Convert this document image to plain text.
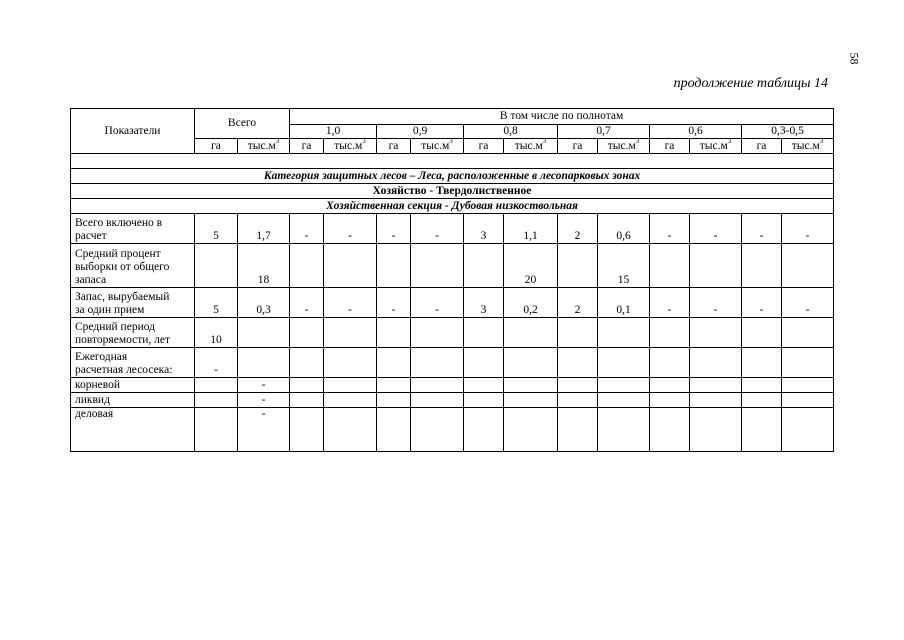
58
продолжение таблицы 14
Показатели	Всего		В том числе по полнотам											
			1,0		0,9		0,8		0,7		0,6		0,3-0,5	
	га	$тыс.м^3$	га	$тыс.м^3$	га	$тыс.м^3$	га	$тыс.м^3$	га	$тыс.м^3$	га	$тыс.м^3$	га	$тыс.м^3$

Категория защитных лесов – Леса, расположенные в лесопарковых зонах														
Хозяйство - Твердолиственное														
Хозяйственная секция - Дубовая низкоствольная														

Всего включено в
расчет	5	1,7	-	-	-	-	3	1,1	2	0,6	-	-	-	-

Средний процент
выборки от общего
запаса		18						20		15				

Запас, вырубаемый
за один прием	5	0,3	-	-	-	-	3	0,2	2	0,1	-	-	-	-

Средний период
повторяемости, лет	10													

Ежегодная
расчетная лесосека:	-													

корневой		-												

ликвид		-												

деловая		-												
